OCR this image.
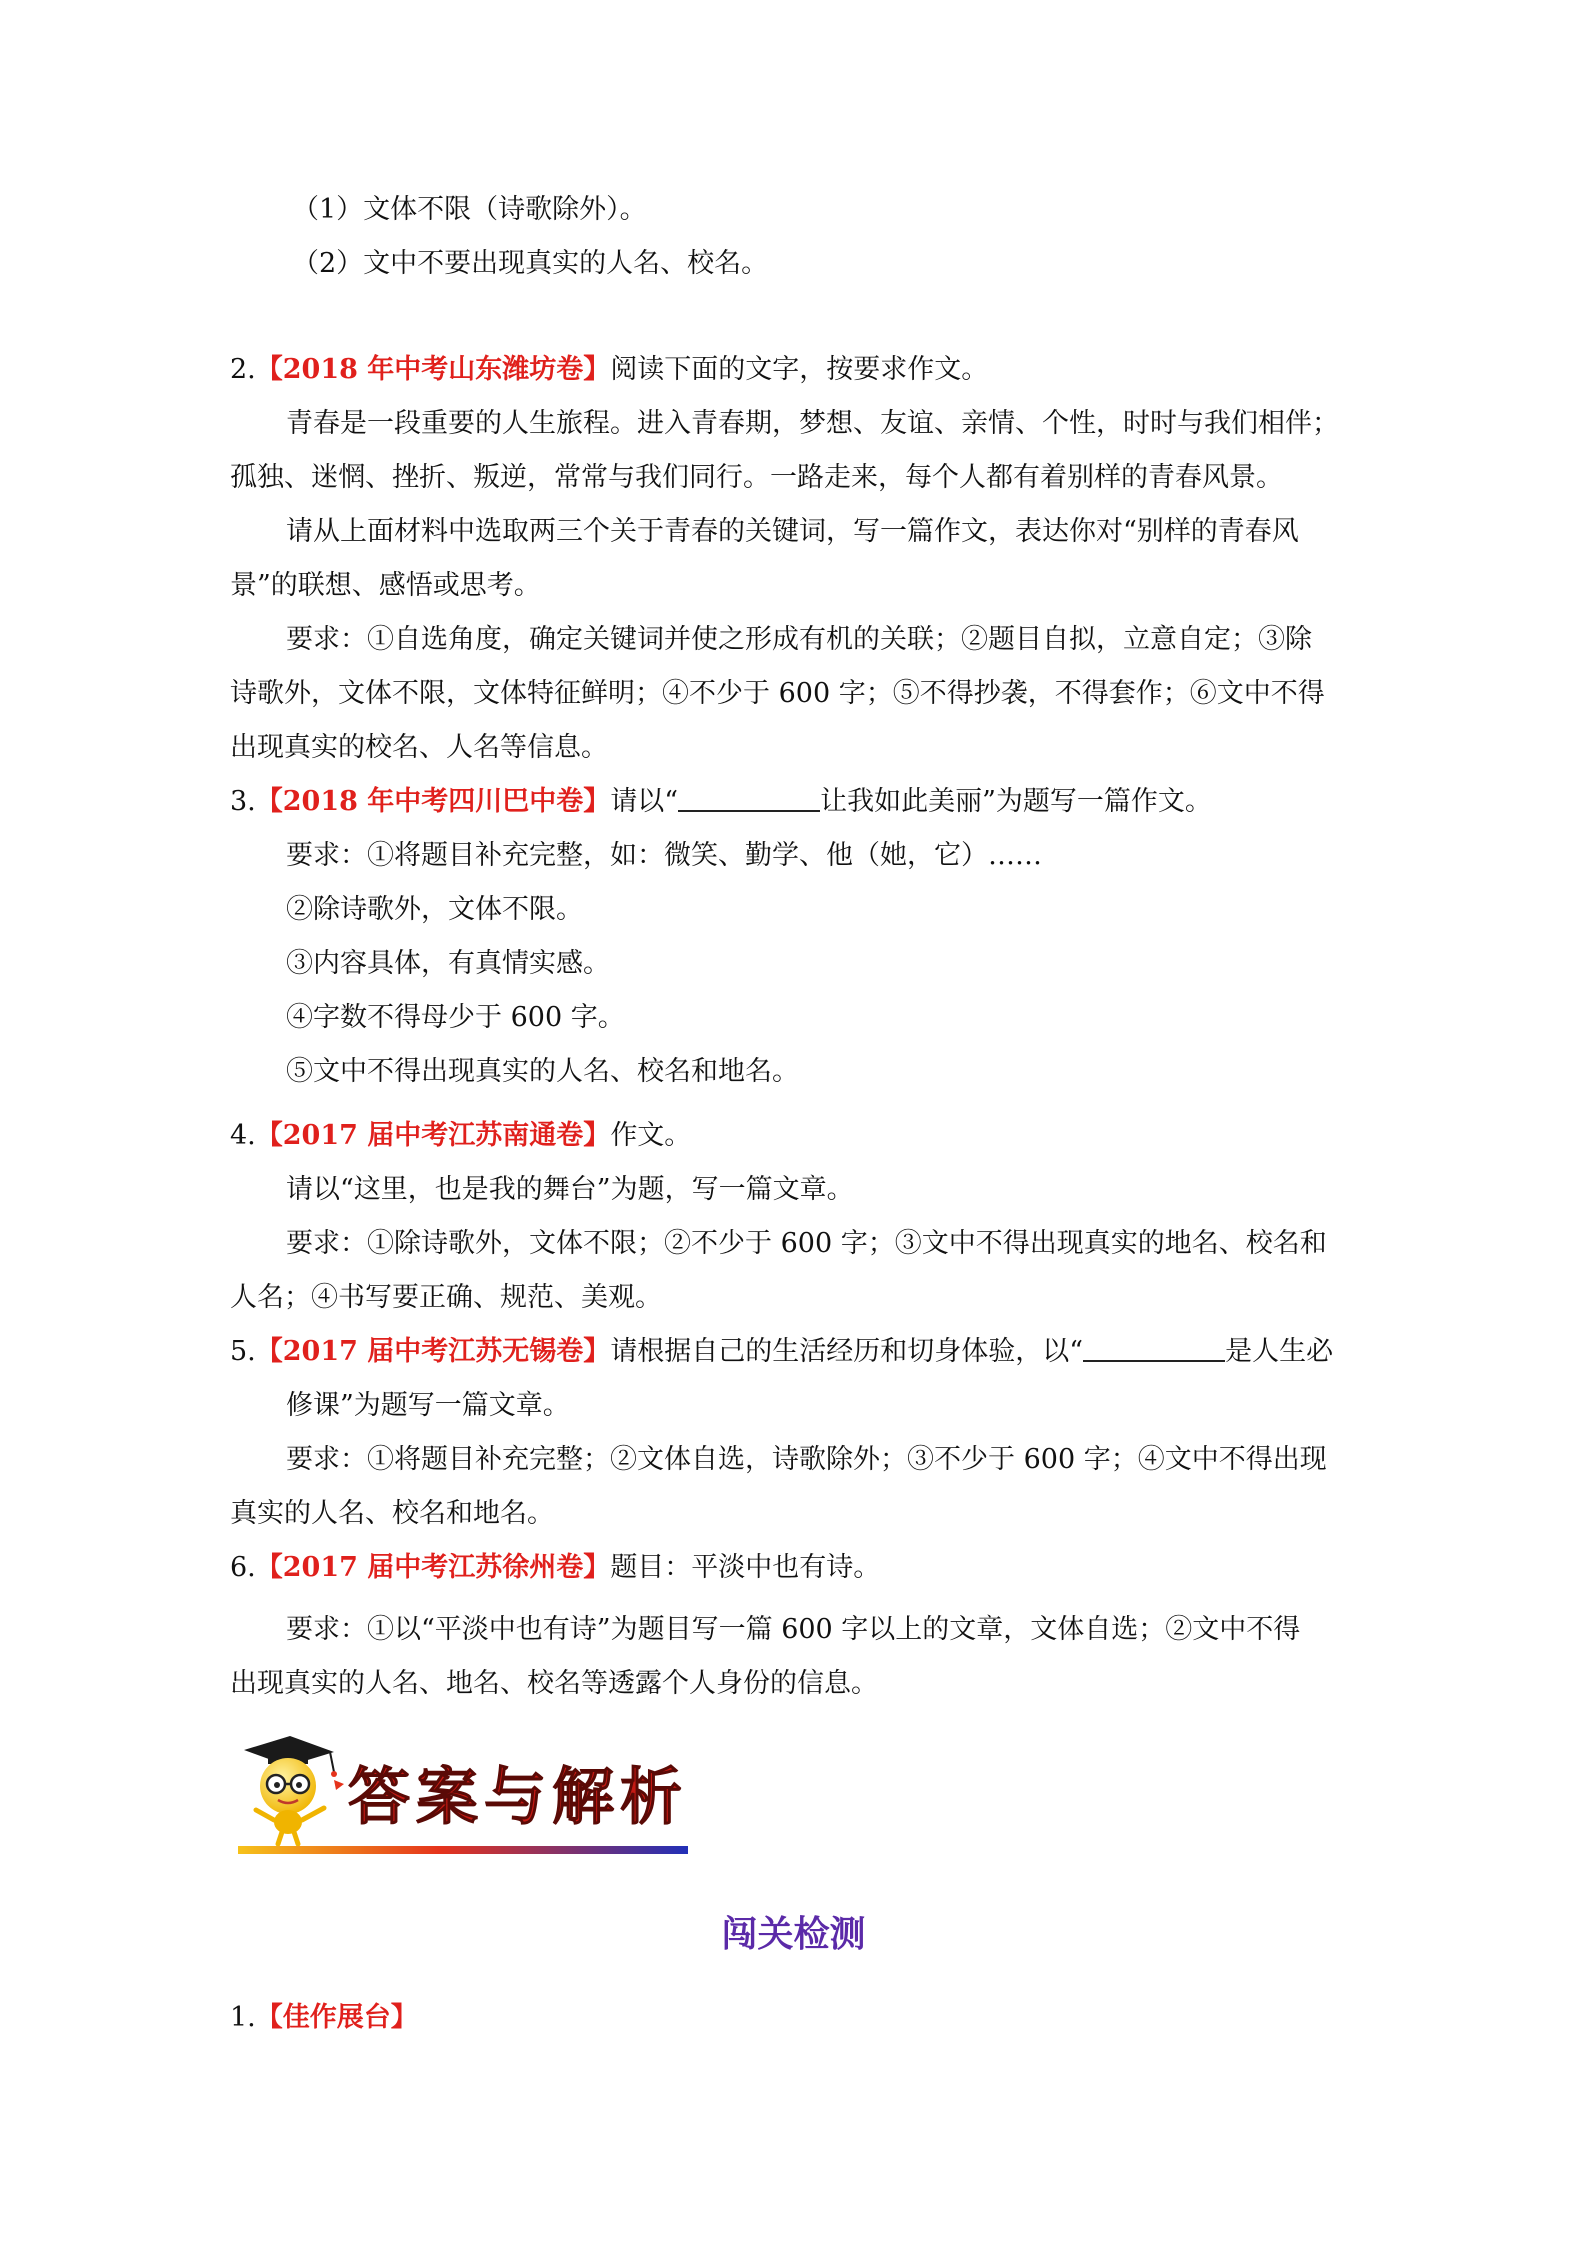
（1）文体不限（诗歌除外）。
（2）文中不要出现真实的人名、校名。
2.【2018 年中考山东潍坊卷】阅读下面的文字，按要求作文。
青春是一段重要的人生旅程。进入青春期，梦想、友谊、亲情、个性，时时与我们相伴；
孤独、迷惘、挫折、叛逆，常常与我们同行。一路走来，每个人都有着别样的青春风景。
请从上面材料中选取两三个关于青春的关键词，写一篇作文，表达你对“别样的青春风
景”的联想、感悟或思考。
要求：①自选角度，确定关键词并使之形成有机的关联；②题目自拟，立意自定；③除
诗歌外，文体不限，文体特征鲜明；④不少于 600 字；⑤不得抄袭，不得套作；⑥文中不得
出现真实的校名、人名等信息。
3.【2018 年中考四川巴中卷】请以“	让我如此美丽”为题写一篇作文。
要求：①将题目补充完整，如：微笑、勤学、他（她，它）……
②除诗歌外，文体不限。
③内容具体，有真情实感。
④字数不得母少于 600 字。
⑤文中不得出现真实的人名、校名和地名。
4.【2017 届中考江苏南通卷】作文。
请以“这里，也是我的舞台”为题，写一篇文章。
要求：①除诗歌外，文体不限；②不少于 600 字；③文中不得出现真实的地名、校名和
人名；④书写要正确、规范、美观。
5.【2017 届中考江苏无锡卷】请根据自己的生活经历和切身体验，以“	是人生必
修课”为题写一篇文章。
要求：①将题目补充完整；②文体自选，诗歌除外；③不少于 600 字；④文中不得出现
真实的人名、校名和地名。
6.【2017 届中考江苏徐州卷】题目：平淡中也有诗。
要求：①以“平淡中也有诗”为题目写一篇 600 字以上的文章，文体自选；②文中不得
出现真实的人名、地名、校名等透露个人身份的信息。
答案与解析
闯关检测
1.【佳作展台】
